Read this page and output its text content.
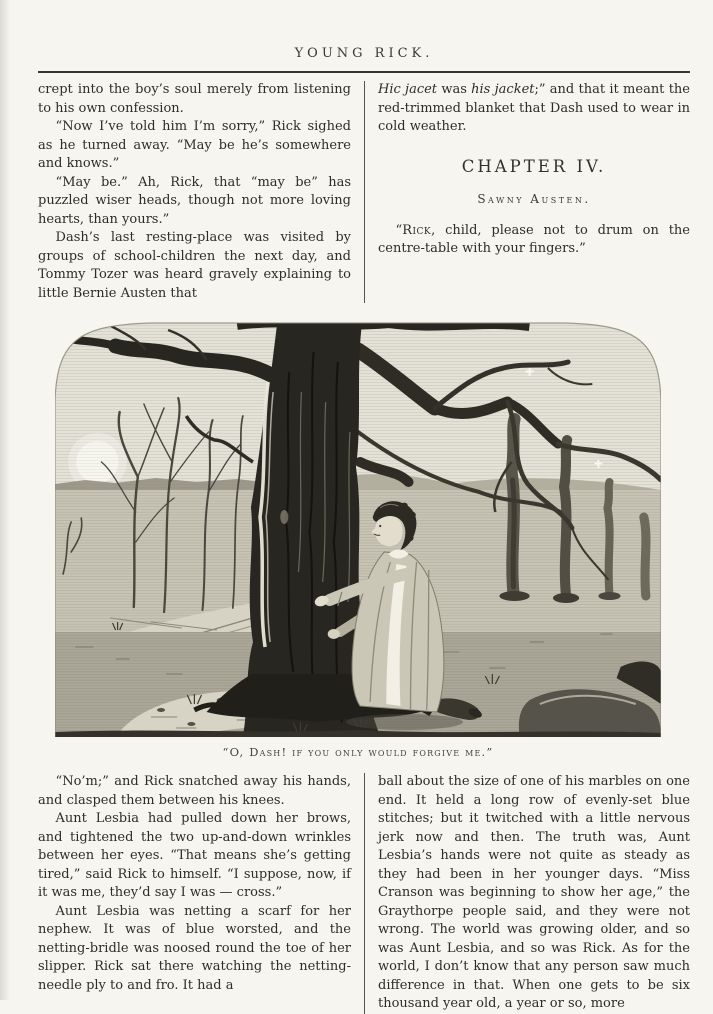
YOUNG RICK.

crept into the boy’s soul merely from listening to his own confession.

“Now I’ve told him I’m sorry,” Rick sighed as he turned away. “May be he’s somewhere and knows.”

“May be.” Ah, Rick, that “may be” has puzzled wiser heads, though not more loving hearts, than yours.”

Dash’s last resting-place was visited by groups of school-children the next day, and Tommy Tozer was heard gravely explaining to little Bernie Austen that

Hic jacet was his jacket;” and that it meant the red-trimmed blanket that Dash used to wear in cold weather.

CHAPTER IV.
Sawny Austen.

“Rick, child, please not to drum on the centre-table with your fingers.”

“O, Dash! if you only would forgive me.”

“No’m;” and Rick snatched away his hands, and clasped them between his knees.

Aunt Lesbia had pulled down her brows, and tightened the two up-and-down wrinkles between her eyes. “That means she’s getting tired,” said Rick to himself. “I suppose, now, if it was me, they’d say I was — cross.”

Aunt Lesbia was netting a scarf for her nephew. It was of blue worsted, and the netting-bridle was noosed round the toe of her slipper. Rick sat there watching the netting-needle ply to and fro. It had a

ball about the size of one of his marbles on one end. It held a long row of evenly-set blue stitches; but it twitched with a little nervous jerk now and then. The truth was, Aunt Lesbia’s hands were not quite as steady as they had been in her younger days. “Miss Cranson was beginning to show her age,” the Graythorpe people said, and they were not wrong. The world was growing older, and so was Aunt Lesbia, and so was Rick. As for the world, I don’t know that any person saw much difference in that. When one gets to be six thousand year old, a year or so, more
